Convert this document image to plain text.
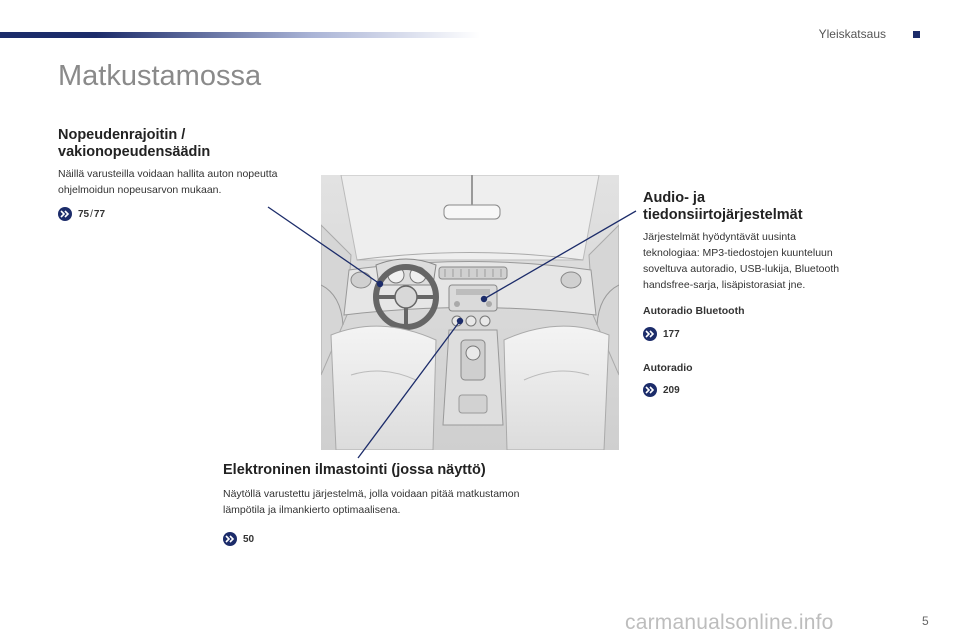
Yleiskatsaus
Matkustamossa
Nopeudenrajoitin /
vakionopeudensäädin
Näillä varusteilla voidaan hallita auton nopeutta
ohjelmoidun nopeusarvon mukaan.
75/77
Audio- ja
tiedonsiirtojärjestelmät
Järjestelmät hyödyntävät uusinta
teknologiaa: MP3-tiedostojen kuunteluun
soveltuva autoradio, USB-lukija, Bluetooth
handsfree-sarja, lisäpistorasiat jne.
Autoradio Bluetooth
177
Autoradio
209
Elektroninen ilmastointi (jossa näyttö)
Näytöllä varustettu järjestelmä, jolla voidaan pitää matkustamon
lämpötila ja ilmankierto optimaalisena.
50
carmanualsonline.info	5
